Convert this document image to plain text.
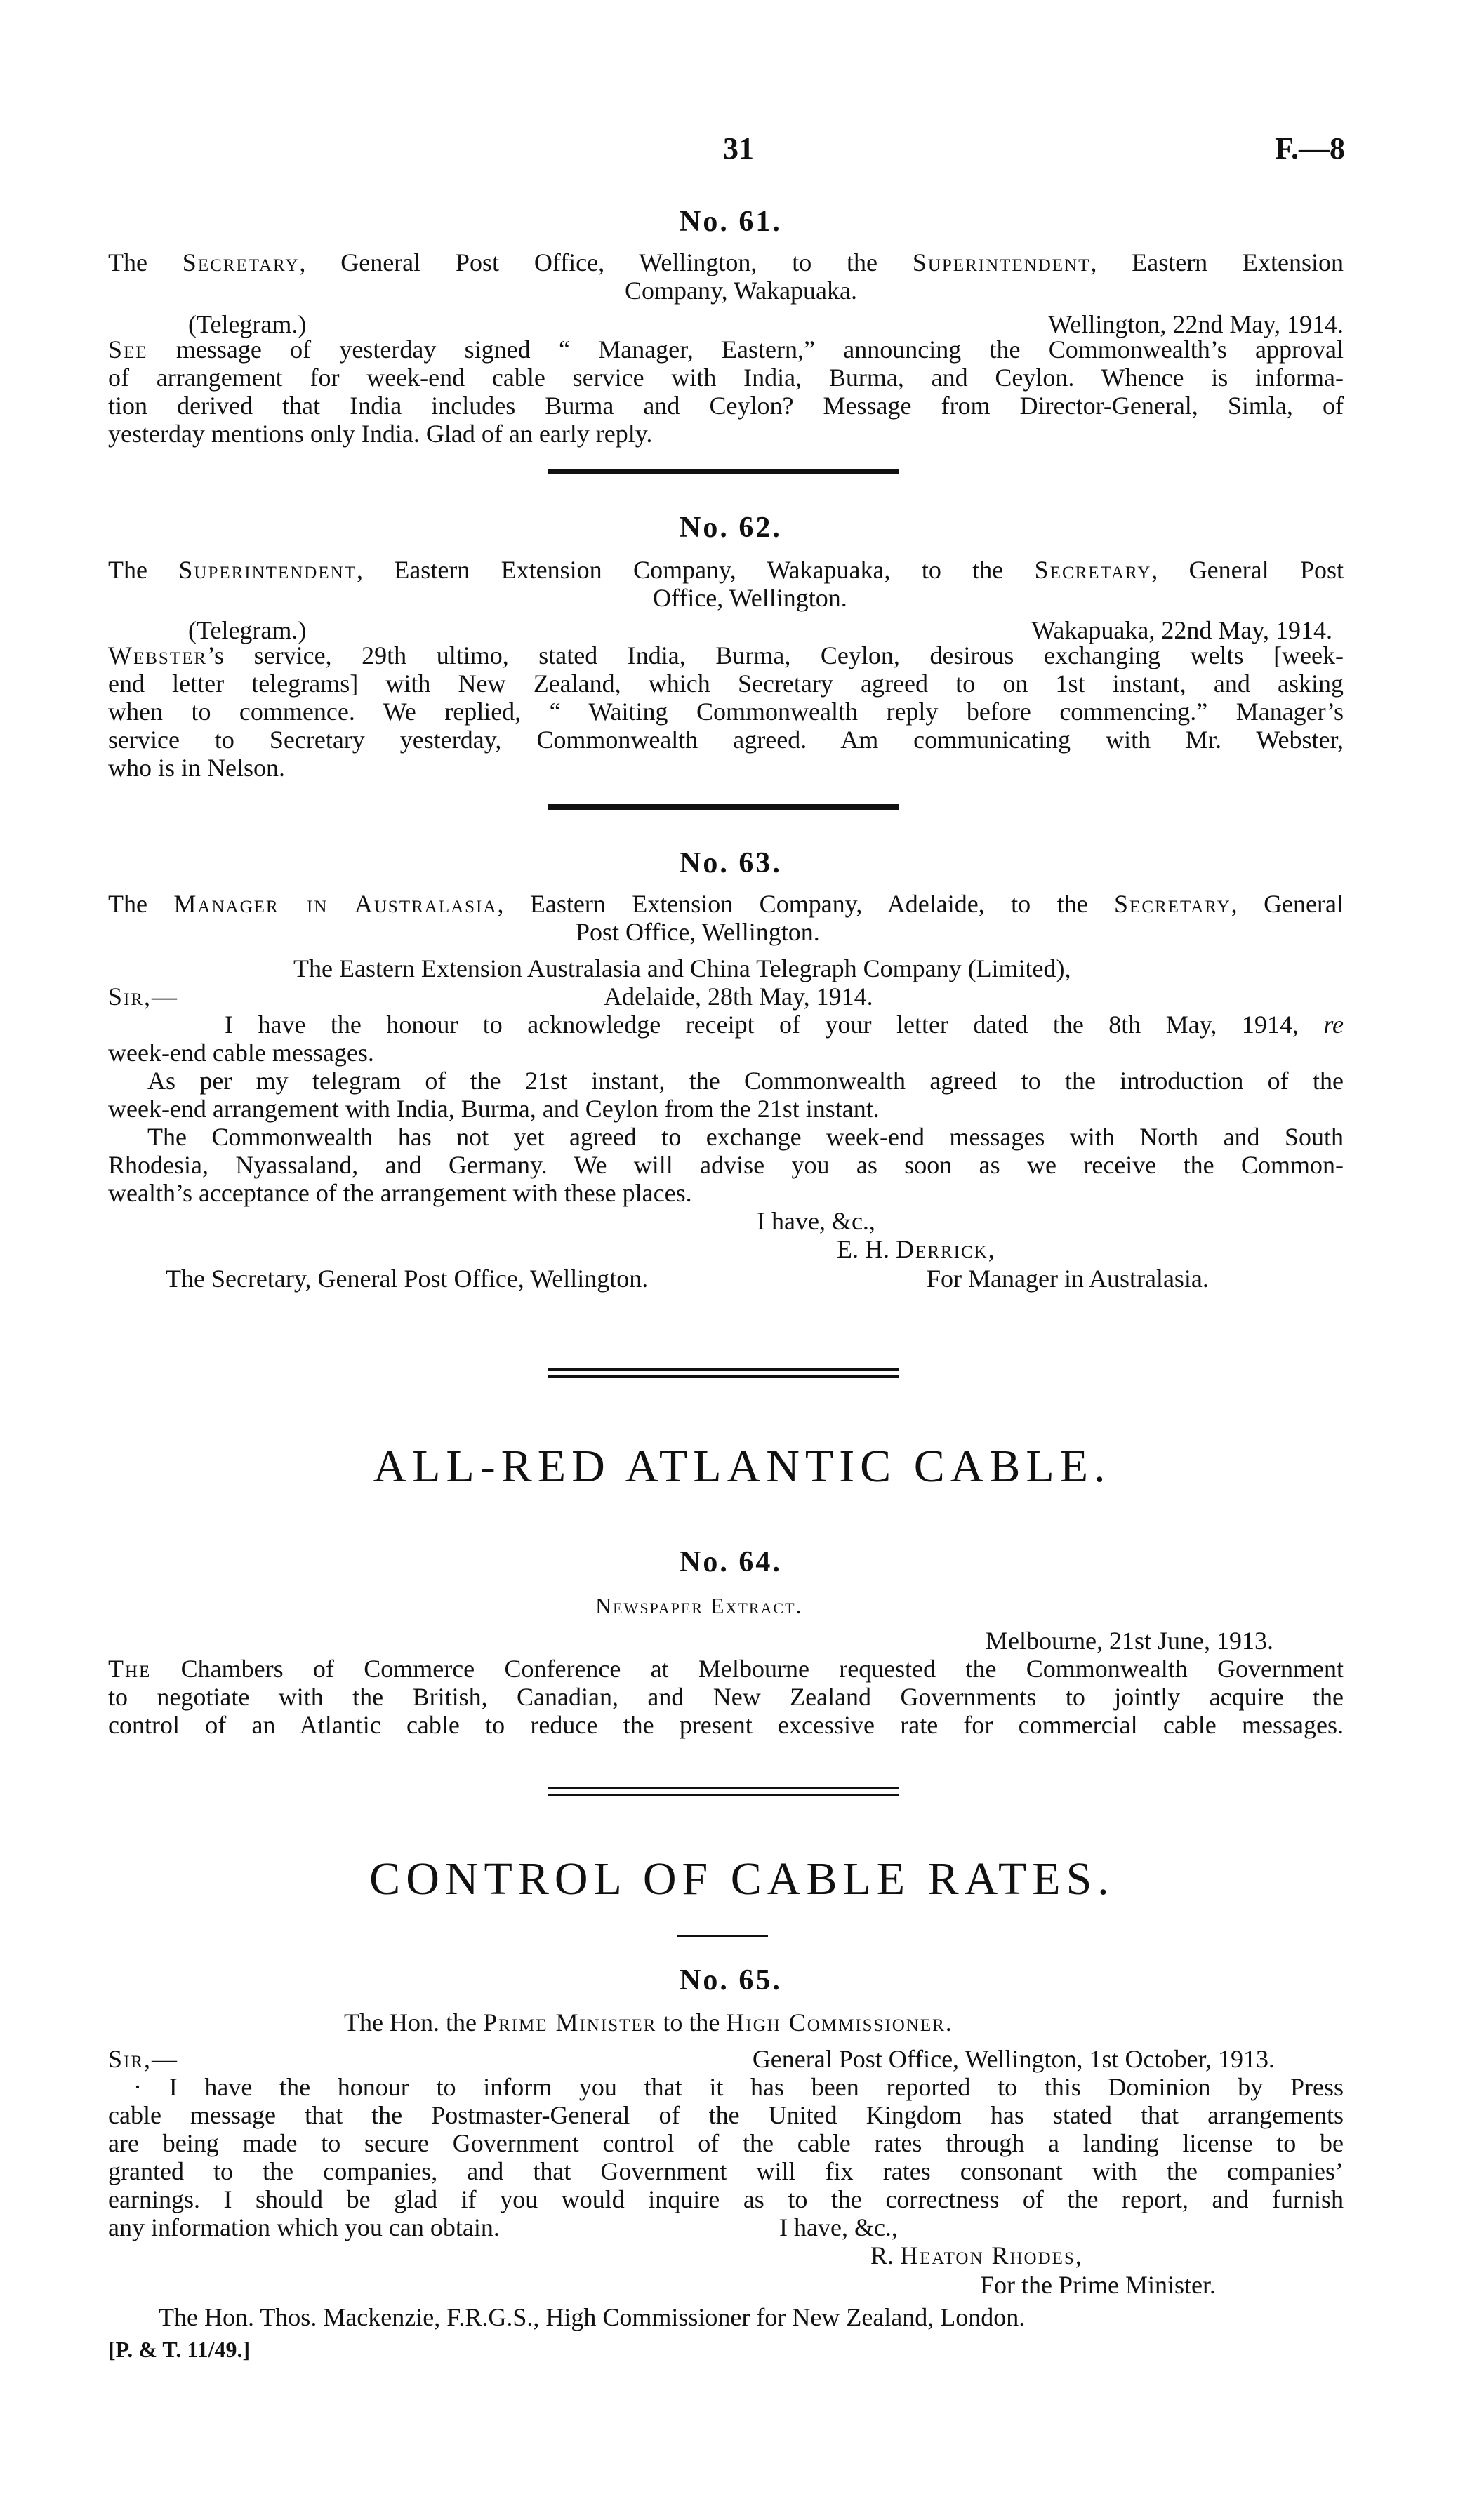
31	F.—8
No. 61.
The Secretary, General Post Office, Wellington, to the Superintendent, Eastern Extension
Company, Wakapuaka.
(Telegram.)	Wellington, 22nd May, 1914.
See message of yesterday signed “ Manager, Eastern,” announcing the Commonwealth’s approval
of arrangement for week-end cable service with India, Burma, and Ceylon. Whence is informa-
tion derived that India includes Burma and Ceylon? Message from Director-General, Simla, of
yesterday mentions only India. Glad of an early reply.
No. 62.
The Superintendent, Eastern Extension Company, Wakapuaka, to the Secretary, General Post
Office, Wellington.
(Telegram.)	Wakapuaka, 22nd May, 1914.
Webster’s service, 29th ultimo, stated India, Burma, Ceylon, desirous exchanging welts [week-
end letter telegrams] with New Zealand, which Secretary agreed to on 1st instant, and asking
when to commence. We replied, “ Waiting Commonwealth reply before commencing.” Manager’s
service to Secretary yesterday, Commonwealth agreed. Am communicating with Mr. Webster,
who is in Nelson.
No. 63.
The Manager in Australasia, Eastern Extension Company, Adelaide, to the Secretary, General
Post Office, Wellington.
The Eastern Extension Australasia and China Telegraph Company (Limited),
Sir,—	Adelaide, 28th May, 1914.
I have the honour to acknowledge receipt of your letter dated the 8th May, 1914, re
week-end cable messages.
As per my telegram of the 21st instant, the Commonwealth agreed to the introduction of the
week-end arrangement with India, Burma, and Ceylon from the 21st instant.
The Commonwealth has not yet agreed to exchange week-end messages with North and South
Rhodesia, Nyassaland, and Germany. We will advise you as soon as we receive the Common-
wealth’s acceptance of the arrangement with these places.
I have, &c.,
E. H. Derrick,
The Secretary, General Post Office, Wellington.	For Manager in Australasia.
ALL-RED ATLANTIC CABLE.
No. 64.
Newspaper Extract.
Melbourne, 21st June, 1913.
The Chambers of Commerce Conference at Melbourne requested the Commonwealth Government
to negotiate with the British, Canadian, and New Zealand Governments to jointly acquire the
control of an Atlantic cable to reduce the present excessive rate for commercial cable messages.
CONTROL OF CABLE RATES.
No. 65.
The Hon. the Prime Minister to the High Commissioner.
Sir,—	General Post Office, Wellington, 1st October, 1913.
· I have the honour to inform you that it has been reported to this Dominion by Press
cable message that the Postmaster-General of the United Kingdom has stated that arrangements
are being made to secure Government control of the cable rates through a landing license to be
granted to the companies, and that Government will fix rates consonant with the companies’
earnings. I should be glad if you would inquire as to the correctness of the report, and furnish
any information which you can obtain.	I have, &c.,
R. Heaton Rhodes,
For the Prime Minister.
The Hon. Thos. Mackenzie, F.R.G.S., High Commissioner for New Zealand, London.
[P. & T. 11/49.]
